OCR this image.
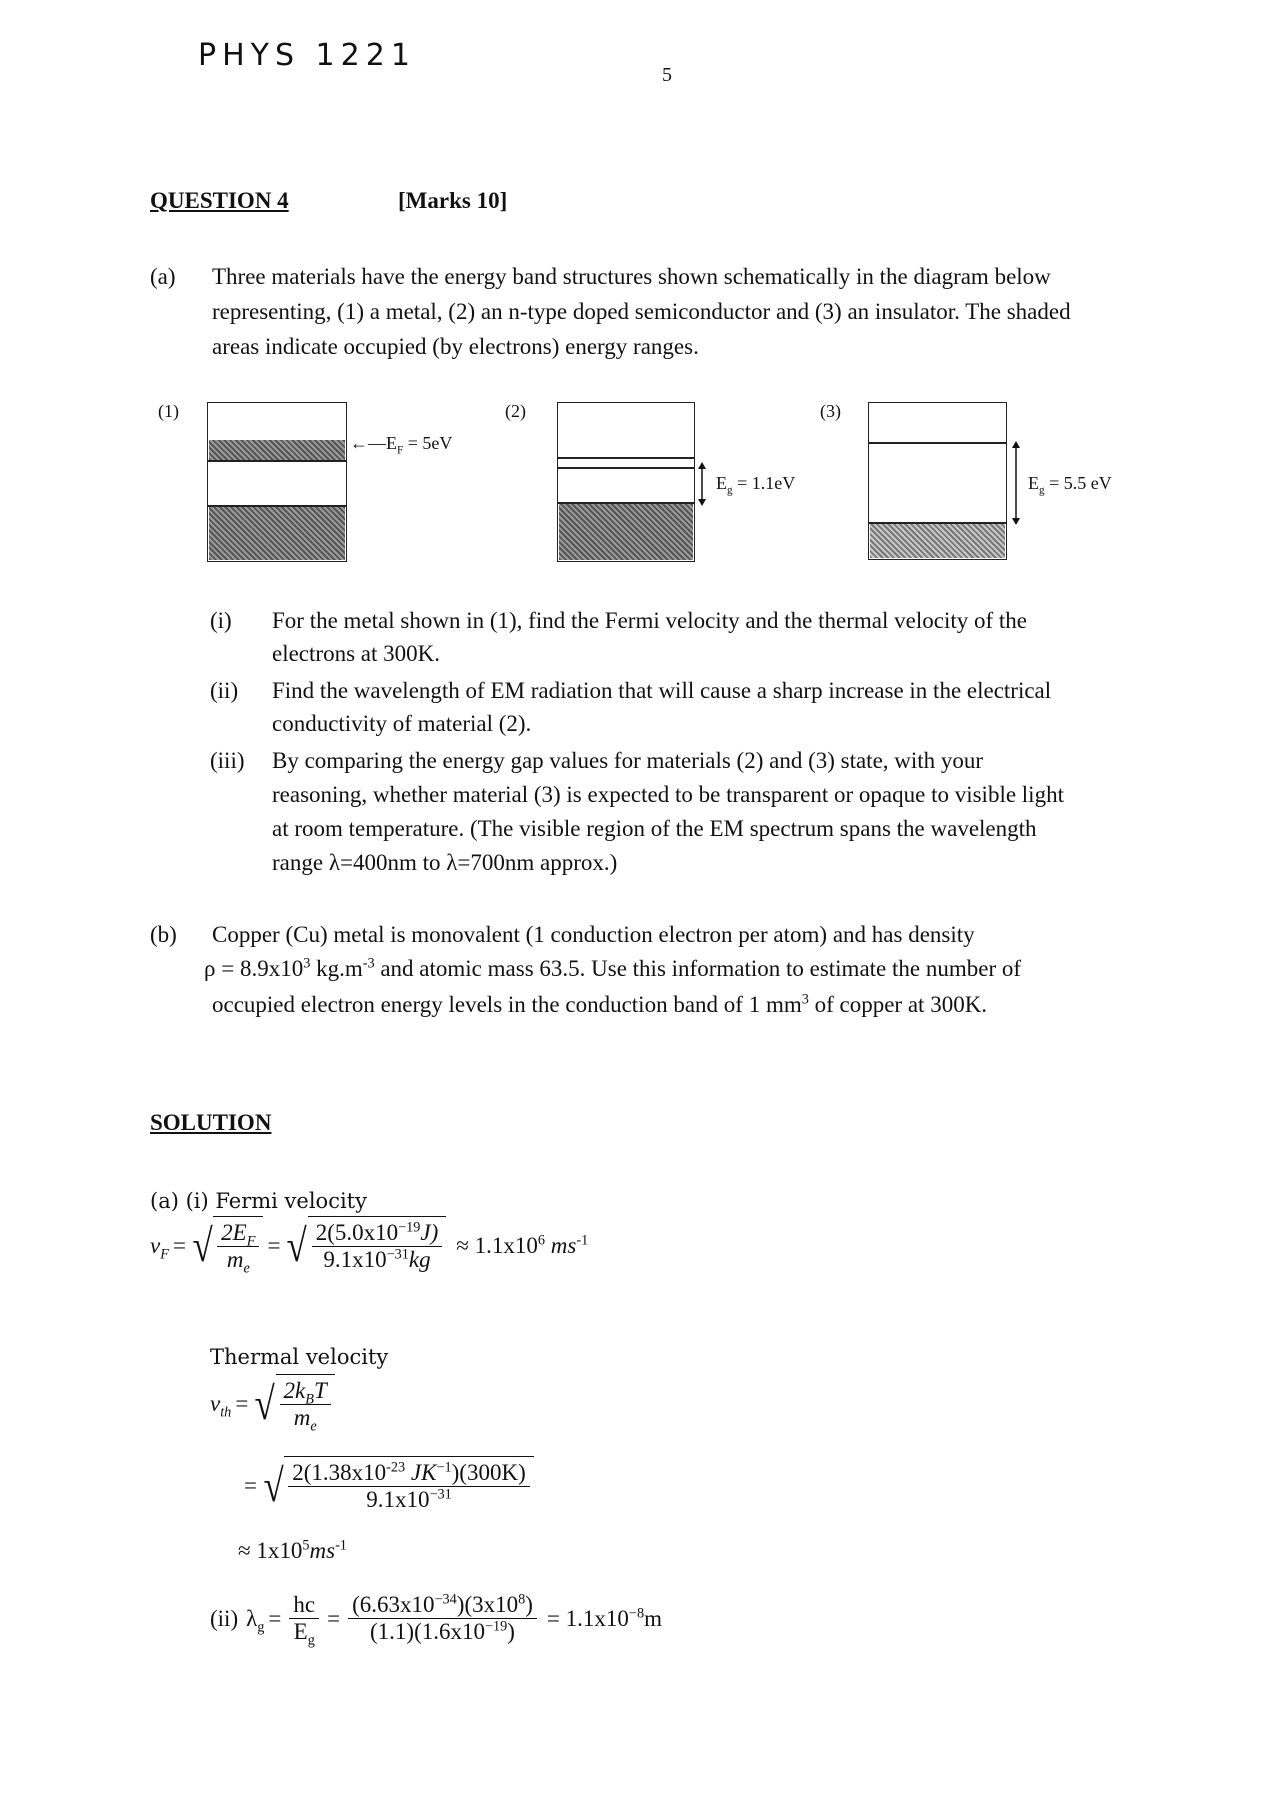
PHYS 1221
5
QUESTION 4	[Marks 10]
(a) Three materials have the energy band structures shown schematically in the diagram below
representing, (1) a metal, (2) an n-type doped semiconductor and (3) an insulator. The shaded
areas indicate occupied (by electrons) energy ranges.
(1)
$\leftarrow—E_F = 5eV$
(2)
$E_g = 1.1eV$
(3)
$E_g = 5.5$ eV
(i) For the metal shown in (1), find the Fermi velocity and the thermal velocity of the
electrons at 300K.
(ii) Find the wavelength of EM radiation that will cause a sharp increase in the electrical
conductivity of material (2).
(iii) By comparing the energy gap values for materials (2) and (3) state, with your
reasoning, whether material (3) is expected to be transparent or opaque to visible light
at room temperature. (The visible region of the EM spectrum spans the wavelength
range λ=400nm to λ=700nm approx.)
(b) Copper (Cu) metal is monovalent (1 conduction electron per atom) and has density
$\rho = 8.9x10^3$ $kg.m^{-3}$ and atomic mass 63.5. Use this information to estimate the number of
occupied electron energy levels in the conduction band of 1 $mm^3$ of copper at 300K.
SOLUTION
(a) (i) Fermi velocity
$v_F$ = √ $\frac{2E_F}{m_e}$ = √ $\frac{2(5.0x10^{-19}J)}{9.1x10^{-31}kg} \approx 1.1x10^6$ $ms^{-1}$
Thermal velocity
$v_{th}$ = √ $\frac{2k_BT}{m_e}$
= √ $\frac{2(1.38x10^{-23} JK^{-1})(300K)}{9.1x10^{-31}}$
≈ $1x10^5ms^{-1}$
(ii) $\lambda_g = \frac{hc}{E_g} = \frac{(6.63x10^{-34})(3x10^8)}{(1.1)(1.6x10^{-19})} = 1.1x10^{-8}m$
